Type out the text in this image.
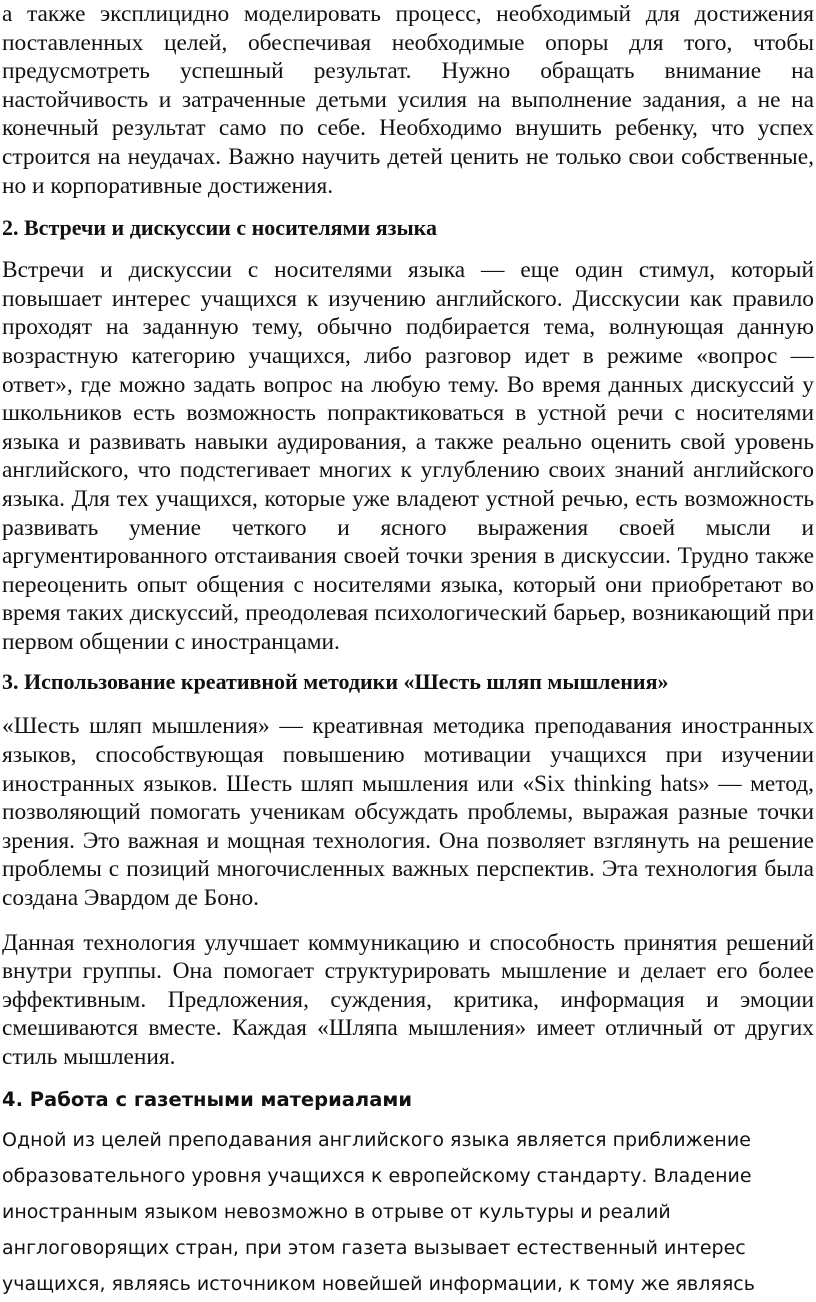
а также эксплицидно моделировать процесс, необходимый для достижения поставленных целей, обеспечивая необходимые опоры для того, чтобы предусмотреть успешный результат. Нужно обращать внимание на настойчивость и затраченные детьми усилия на выполнение задания, а не на конечный результат само по себе. Необходимо внушить ребенку, что успех строится на неудачах. Важно научить детей ценить не только свои собственные, но и корпоративные достижения.

2. Встречи и дискуссии с носителями языка

Встречи и дискуссии с носителями языка — еще один стимул, который повышает интерес учащихся к изучению английского. Дисскусии как правило проходят на заданную тему, обычно подбирается тема, волнующая данную возрастную категорию учащихся, либо разговор идет в режиме «вопрос — ответ», где можно задать вопрос на любую тему. Во время данных дискуссий у школьников есть возможность попрактиковаться в устной речи с носителями языка и развивать навыки аудирования, а также реально оценить свой уровень английского, что подстегивает многих к углублению своих знаний английского языка. Для тех учащихся, которые уже владеют устной речью, есть возможность развивать умение четкого и ясного выражения своей мысли и аргументированного отстаивания своей точки зрения в дискуссии. Трудно также переоценить опыт общения с носителями языка, который они приобретают во время таких дискуссий, преодолевая психологический барьер, возникающий при первом общении с иностранцами.

3. Использование креативной методики «Шесть шляп мышления»

«Шесть шляп мышления» — креативная методика преподавания иностранных языков, способствующая повышению мотивации учащихся при изучении иностранных языков. Шесть шляп мышления или «Six thinking hats» — метод, позволяющий помогать ученикам обсуждать проблемы, выражая разные точки зрения. Это важная и мощная технология. Она позволяет взглянуть на решение проблемы с позиций многочисленных важных перспектив. Эта технология была создана Эвардом де Боно.

Данная технология улучшает коммуникацию и способность принятия решений внутри группы. Она помогает структурировать мышление и делает его более эффективным. Предложения, суждения, критика, информация и эмоции смешиваются вместе. Каждая «Шляпа мышления» имеет отличный от других стиль мышления.

4. Работа с газетными материалами

Одной из целей преподавания английского языка является приближение образовательного уровня учащихся к европейскому стандарту. Владение иностранным языком невозможно в отрыве от культуры и реалий англоговорящих стран, при этом газета вызывает естественный интерес учащихся, являясь источником новейшей информации, к тому же являясь
